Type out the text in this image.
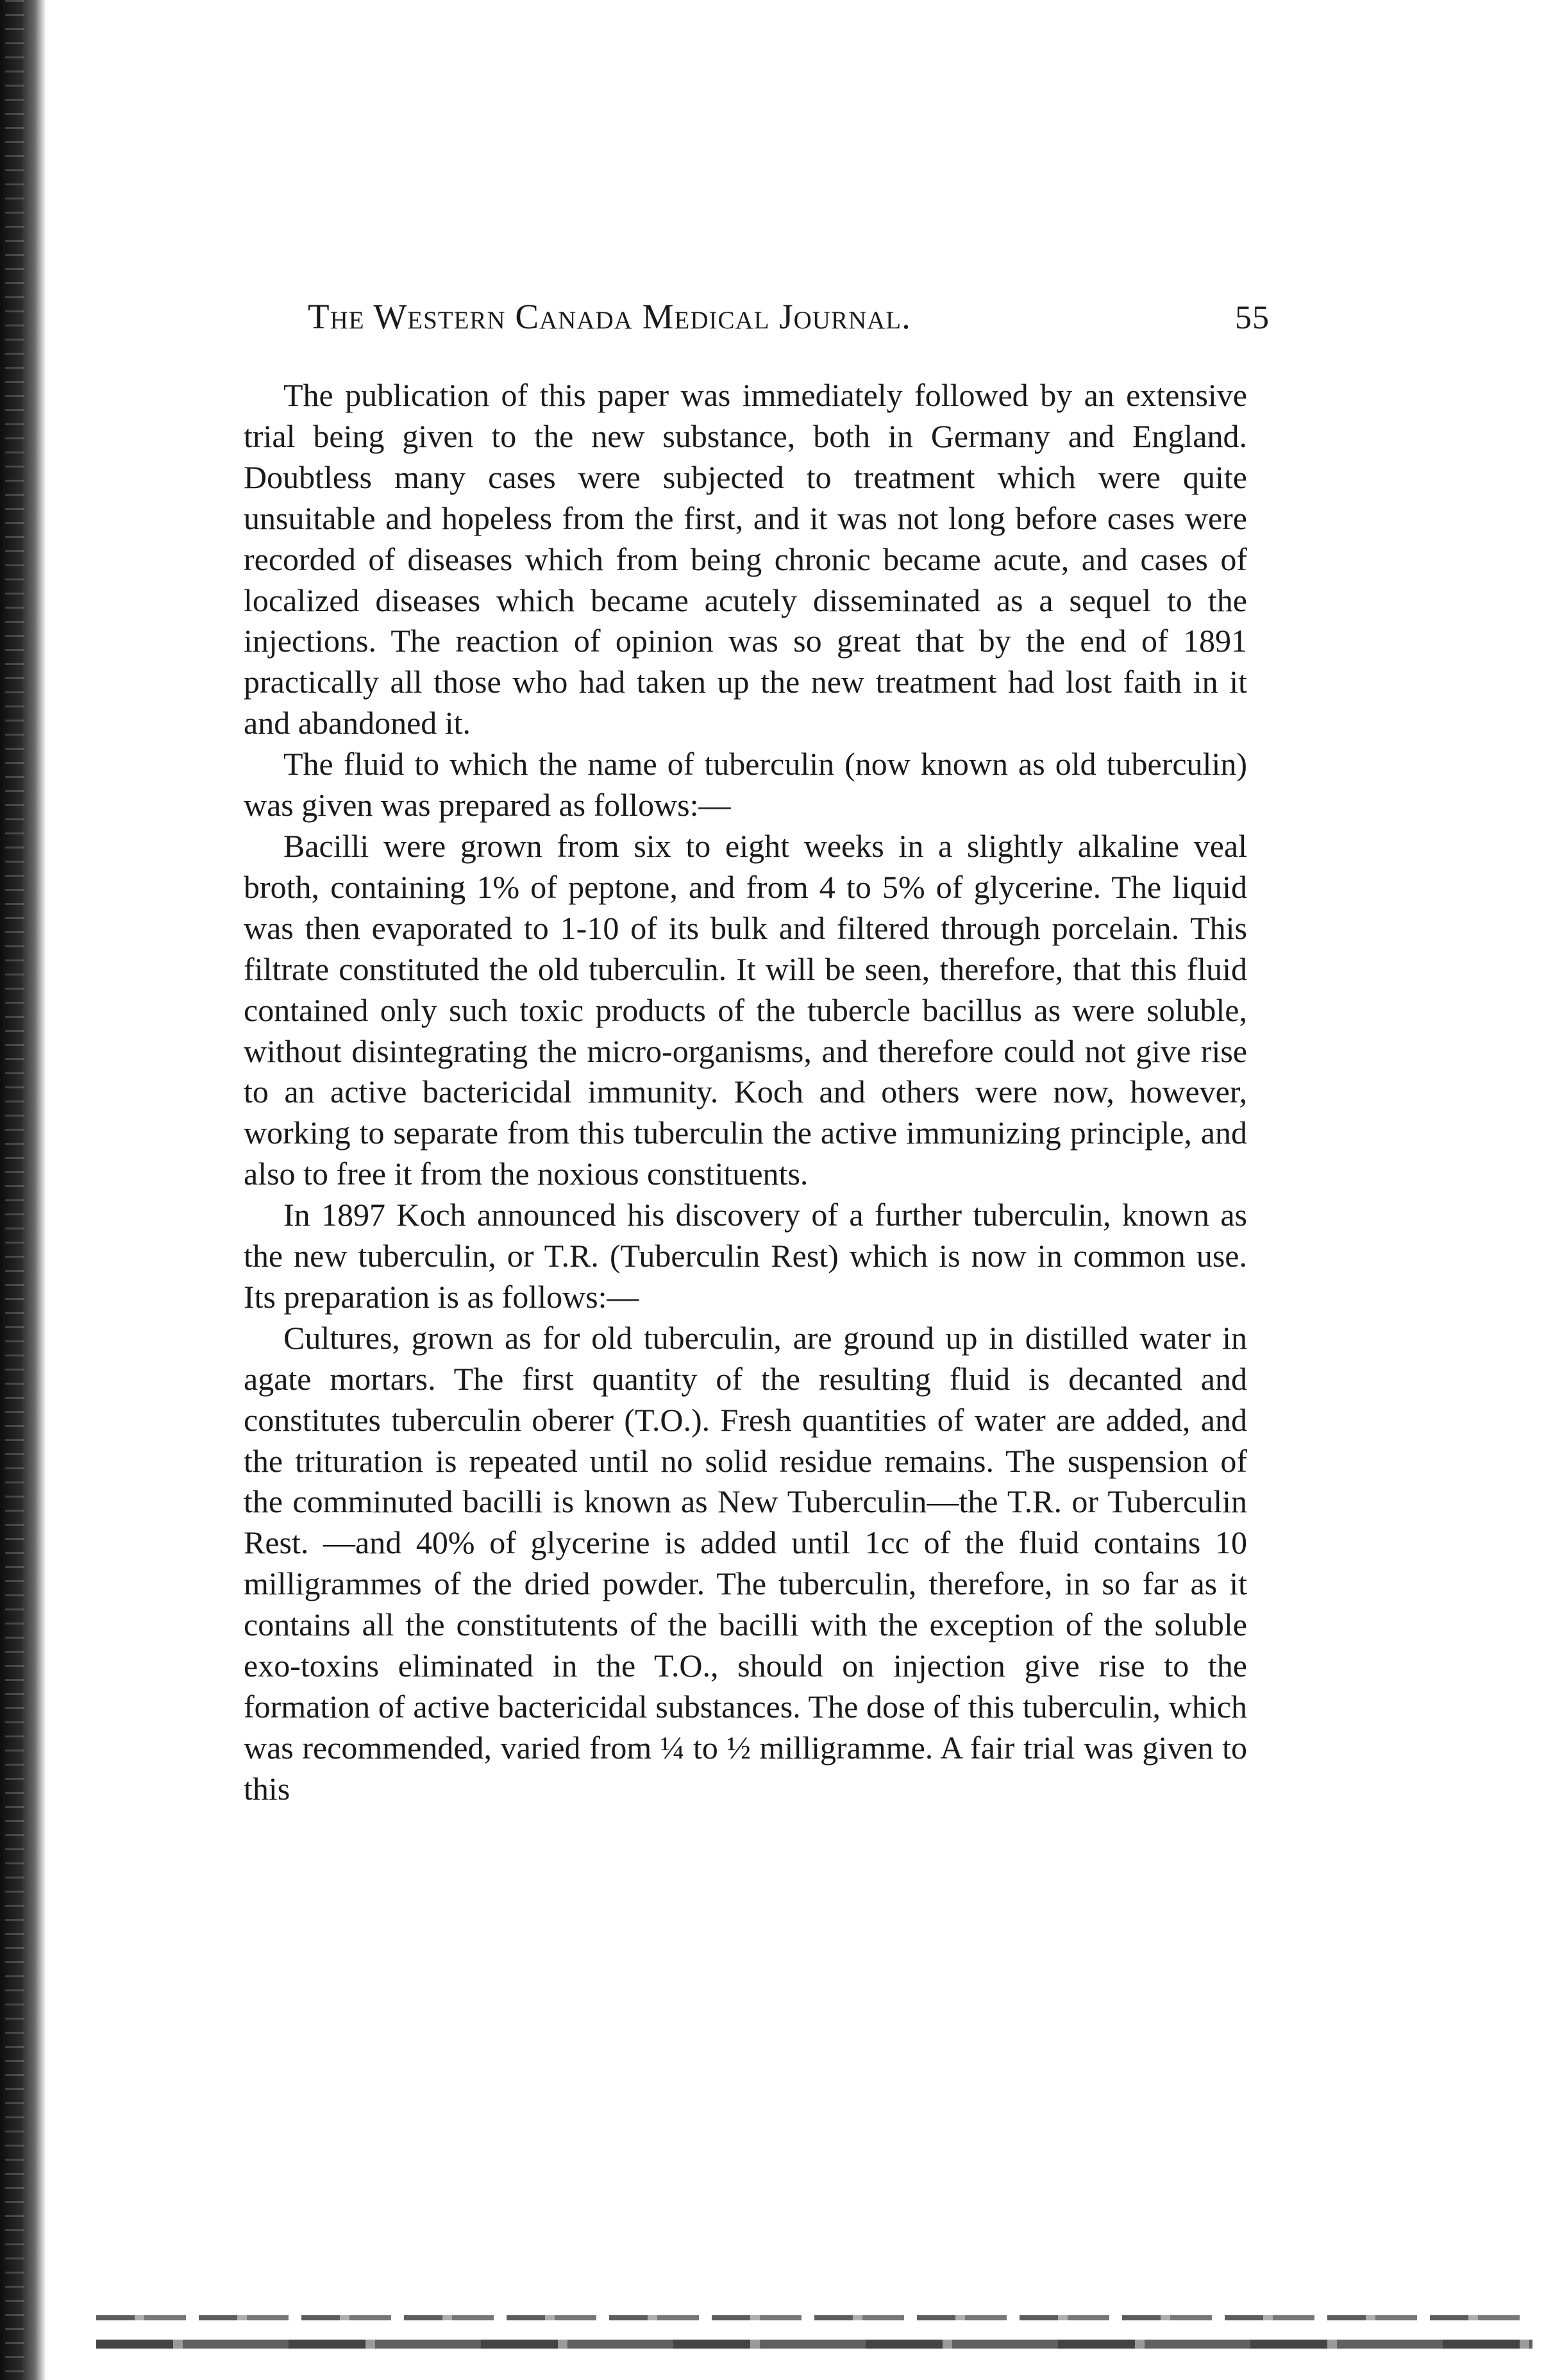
The Western Canada Medical Journal.	55

The publication of this paper was immediately followed by an extensive trial being given to the new substance, both in Germany and England. Doubtless many cases were subjected to treatment which were quite unsuitable and hopeless from the first, and it was not long before cases were recorded of diseases which from being chronic became acute, and cases of localized diseases which became acutely disseminated as a sequel to the injections. The reaction of opinion was so great that by the end of 1891 practically all those who had taken up the new treatment had lost faith in it and abandoned it.

The fluid to which the name of tuberculin (now known as old tuberculin) was given was prepared as follows:—

Bacilli were grown from six to eight weeks in a slightly alkaline veal broth, containing 1% of peptone, and from 4 to 5% of glycerine. The liquid was then evaporated to 1-10 of its bulk and filtered through porcelain. This filtrate constituted the old tuberculin. It will be seen, therefore, that this fluid contained only such toxic products of the tubercle bacillus as were soluble, without disintegrating the micro-organisms, and therefore could not give rise to an active bactericidal immunity. Koch and others were now, however, working to separate from this tuberculin the active immunizing principle, and also to free it from the noxious constituents.

In 1897 Koch announced his discovery of a further tuberculin, known as the new tuberculin, or T.R. (Tuberculin Rest) which is now in common use. Its preparation is as follows:—

Cultures, grown as for old tuberculin, are ground up in distilled water in agate mortars. The first quantity of the resulting fluid is decanted and constitutes tuberculin oberer (T.O.). Fresh quantities of water are added, and the trituration is repeated until no solid residue remains. The suspension of the comminuted bacilli is known as New Tuberculin—the T.R. or Tuberculin Rest. —and 40% of glycerine is added until 1cc of the fluid contains 10 milligrammes of the dried powder. The tuberculin, therefore, in so far as it contains all the constitutents of the bacilli with the exception of the soluble exo-toxins eliminated in the T.O., should on injection give rise to the formation of active bactericidal substances. The dose of this tuberculin, which was recommended, varied from ¼ to ½ milligramme. A fair trial was given to this
